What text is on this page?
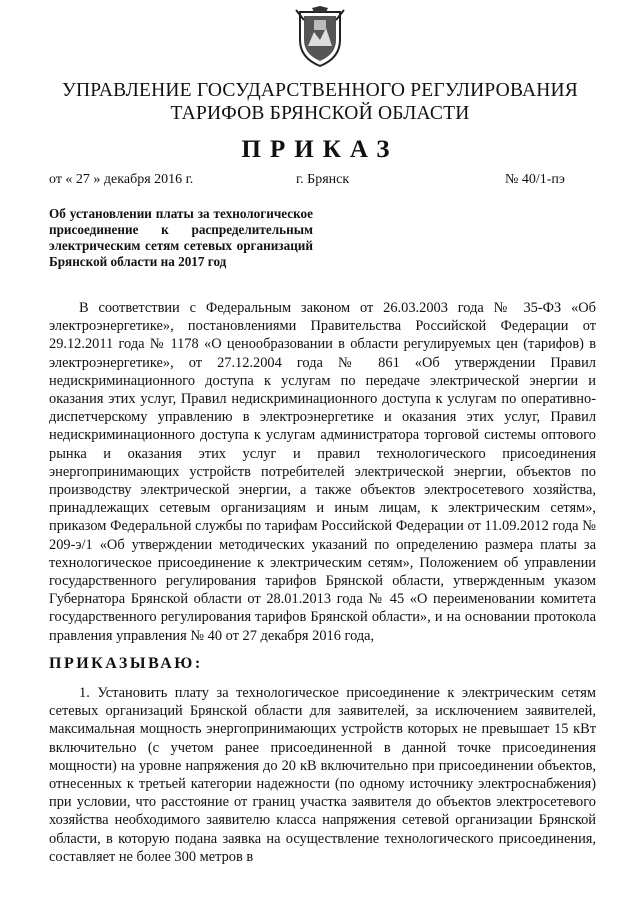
УПРАВЛЕНИЕ ГОСУДАРСТВЕННОГО РЕГУЛИРОВАНИЯ
ТАРИФОВ БРЯНСКОЙ ОБЛАСТИ
ПРИКАЗ
от « 27 » декабря 2016 г.	г. Брянск	№ 40/1-пэ
Об установлении платы за технологическое присоединение к распределительным электрическим сетям сетевых организаций Брянской области на 2017 год
В соответствии с Федеральным законом от 26.03.2003 года № 35-ФЗ «Об электроэнергетике», постановлениями Правительства Российской Федерации от 29.12.2011 года № 1178 «О ценообразовании в области регулируемых цен (тарифов) в электроэнергетике», от 27.12.2004 года № 861 «Об утверждении Правил недискриминационного доступа к услугам по передаче электрической энергии и оказания этих услуг, Правил недискриминационного доступа к услугам по оперативно-диспетчерскому управлению в электроэнергетике и оказания этих услуг, Правил недискриминационного доступа к услугам администратора торговой системы оптового рынка и оказания этих услуг и правил технологического присоединения энергопринимающих устройств потребителей электрической энергии, объектов по производству электрической энергии, а также объектов электросетевого хозяйства, принадлежащих сетевым организациям и иным лицам, к электрическим сетям», приказом Федеральной службы по тарифам Российской Федерации от 11.09.2012 года № 209-э/1 «Об утверждении методических указаний по определению размера платы за технологическое присоединение к электрическим сетям», Положением об управлении государственного регулирования тарифов Брянской области, утвержденным указом Губернатора Брянской области от 28.01.2013 года № 45 «О переименовании комитета государственного регулирования тарифов Брянской области», и на основании протокола правления управления № 40 от 27 декабря 2016 года,
ПРИКАЗЫВАЮ:
1. Установить плату за технологическое присоединение к электрическим сетям сетевых организаций Брянской области для заявителей, за исключением заявителей, максимальная мощность энергопринимающих устройств которых не превышает 15 кВт включительно (с учетом ранее присоединенной в данной точке присоединения мощности) на уровне напряжения до 20 кВ включительно при присоединении объектов, отнесенных к третьей категории надежности (по одному источнику электроснабжения) при условии, что расстояние от границ участка заявителя до объектов электросетевого хозяйства необходимого заявителю класса напряжения сетевой организации Брянской области, в которую подана заявка на осуществление технологического присоединения, составляет не более 300 метров в
